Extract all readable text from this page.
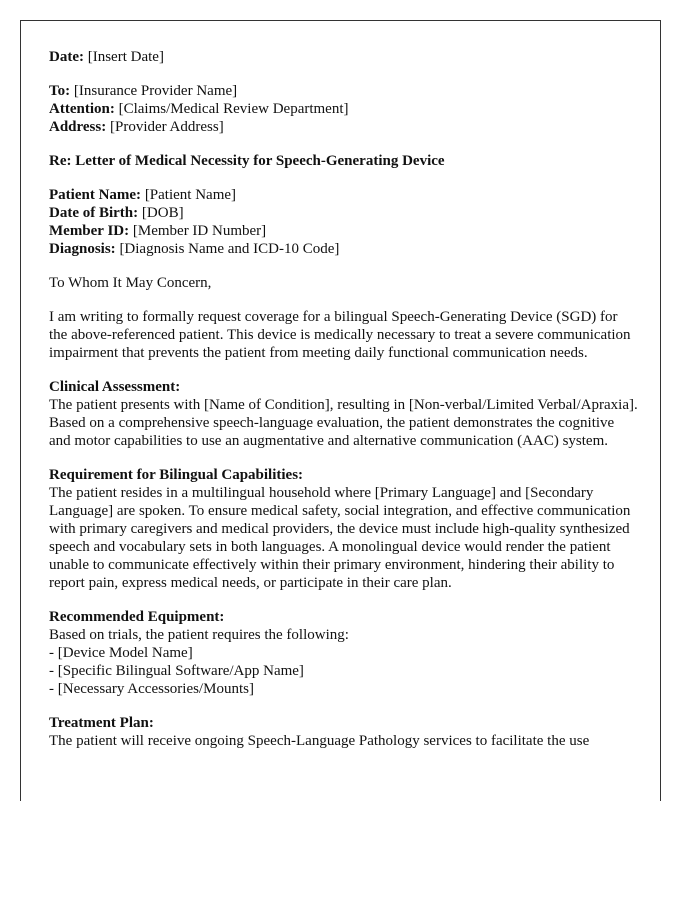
Date: [Insert Date]

To: [Insurance Provider Name]
Attention: [Claims/Medical Review Department]
Address: [Provider Address]

Re: Letter of Medical Necessity for Speech-Generating Device

Patient Name: [Patient Name]
Date of Birth: [DOB]
Member ID: [Member ID Number]
Diagnosis: [Diagnosis Name and ICD-10 Code]

To Whom It May Concern,

I am writing to formally request coverage for a bilingual Speech-Generating Device (SGD) for the above-referenced patient. This device is medically necessary to treat a severe communication impairment that prevents the patient from meeting daily functional communication needs.

Clinical Assessment:
The patient presents with [Name of Condition], resulting in [Non-verbal/Limited Verbal/Apraxia]. Based on a comprehensive speech-language evaluation, the patient demonstrates the cognitive and motor capabilities to use an augmentative and alternative communication (AAC) system.

Requirement for Bilingual Capabilities:
The patient resides in a multilingual household where [Primary Language] and [Secondary Language] are spoken. To ensure medical safety, social integration, and effective communication with primary caregivers and medical providers, the device must include high-quality synthesized speech and vocabulary sets in both languages. A monolingual device would render the patient unable to communicate effectively within their primary environment, hindering their ability to report pain, express medical needs, or participate in their care plan.

Recommended Equipment:
Based on trials, the patient requires the following:
- [Device Model Name]
- [Specific Bilingual Software/App Name]
- [Necessary Accessories/Mounts]

Treatment Plan:
The patient will receive ongoing Speech-Language Pathology services to facilitate the use
